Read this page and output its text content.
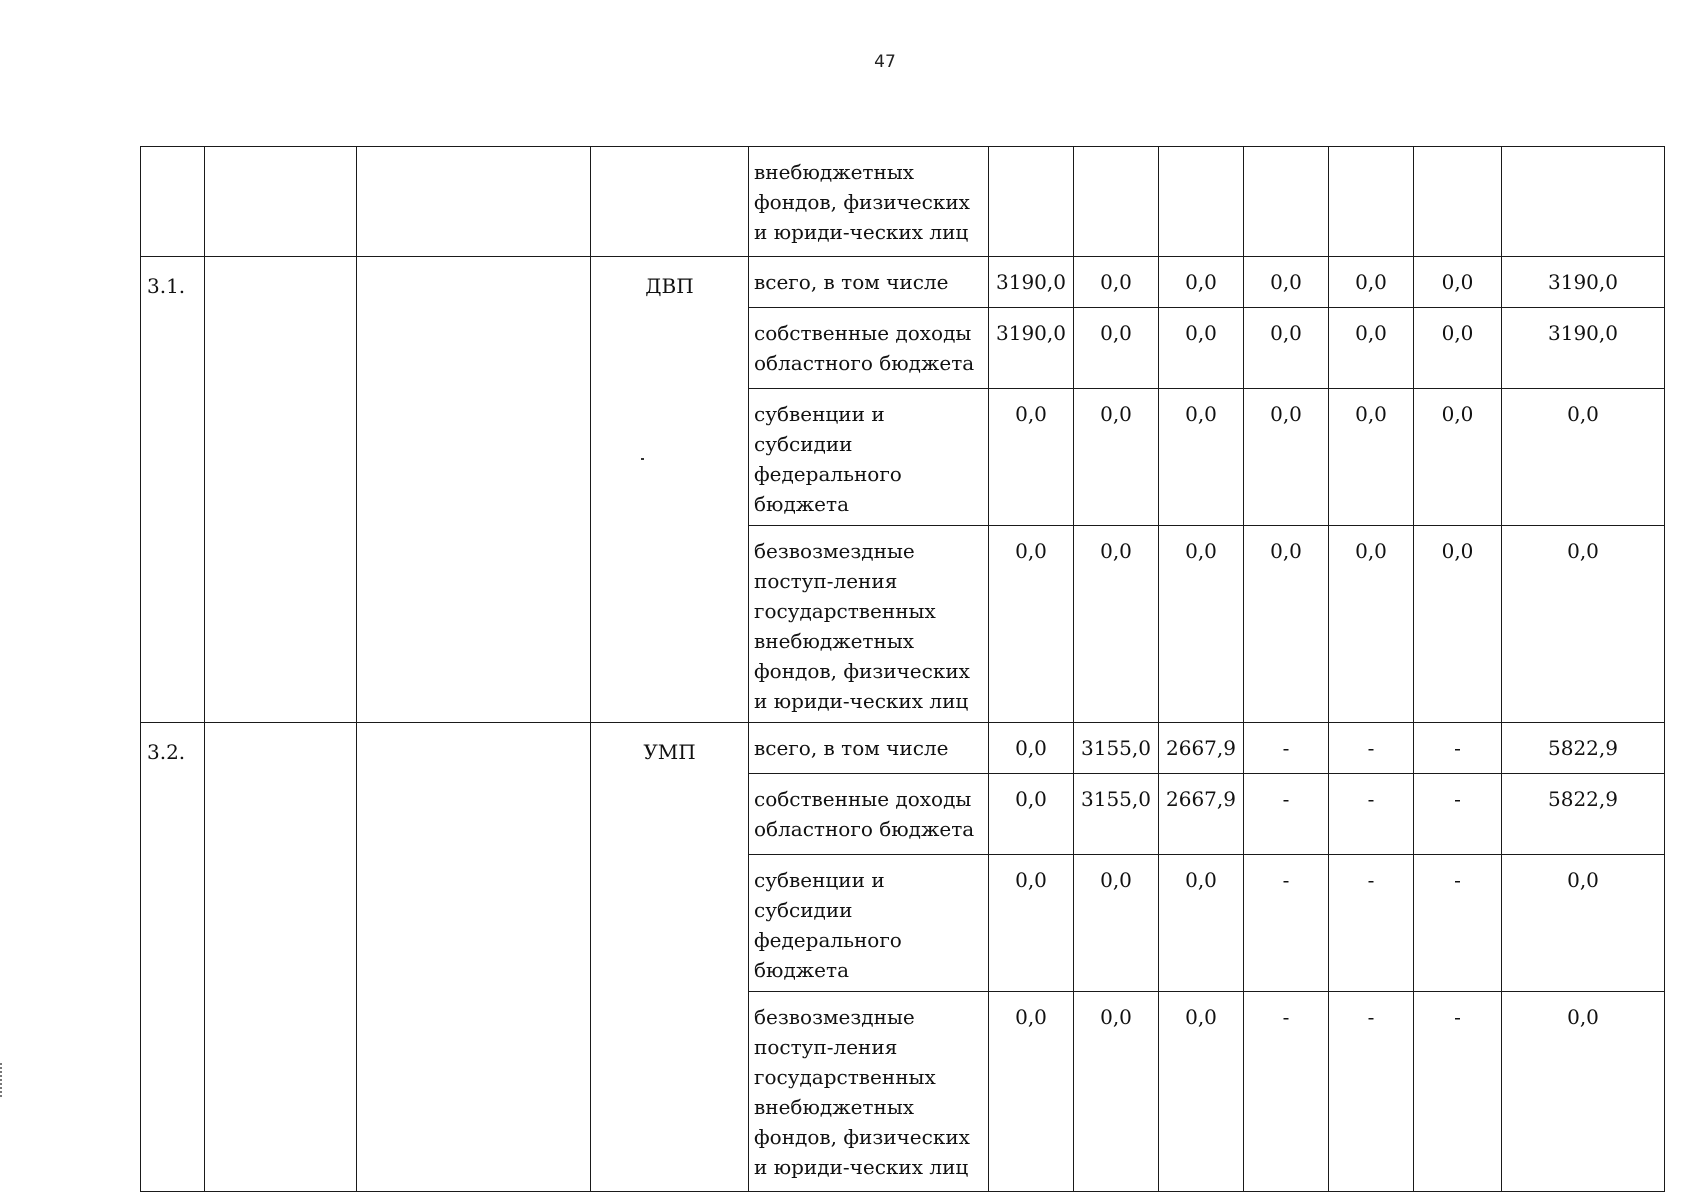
47
				внебюджетных фондов, физических и юриди-ческих лиц							
3.1.			ДВП	всего, в том числе	3190,0	0,0	0,0	0,0	0,0	0,0	3190,0
				собственные доходы областного бюджета	3190,0	0,0	0,0	0,0	0,0	0,0	3190,0
				субвенции и субсидии федерального бюджета	0,0	0,0	0,0	0,0	0,0	0,0	0,0
				безвозмездные поступ-ления государственных внебюджетных фондов, физических и юриди-ческих лиц	0,0	0,0	0,0	0,0	0,0	0,0	0,0
3.2.			УМП	всего, в том числе	0,0	3155,0	2667,9	-	-	-	5822,9
				собственные доходы областного бюджета	0,0	3155,0	2667,9	-	-	-	5822,9
				субвенции и субсидии федерального бюджета	0,0	0,0	0,0	-	-	-	0,0
				безвозмездные поступ-ления государственных внебюджетных фондов, физических и юриди-ческих лиц	0,0	0,0	0,0	-	-	-	0,0
